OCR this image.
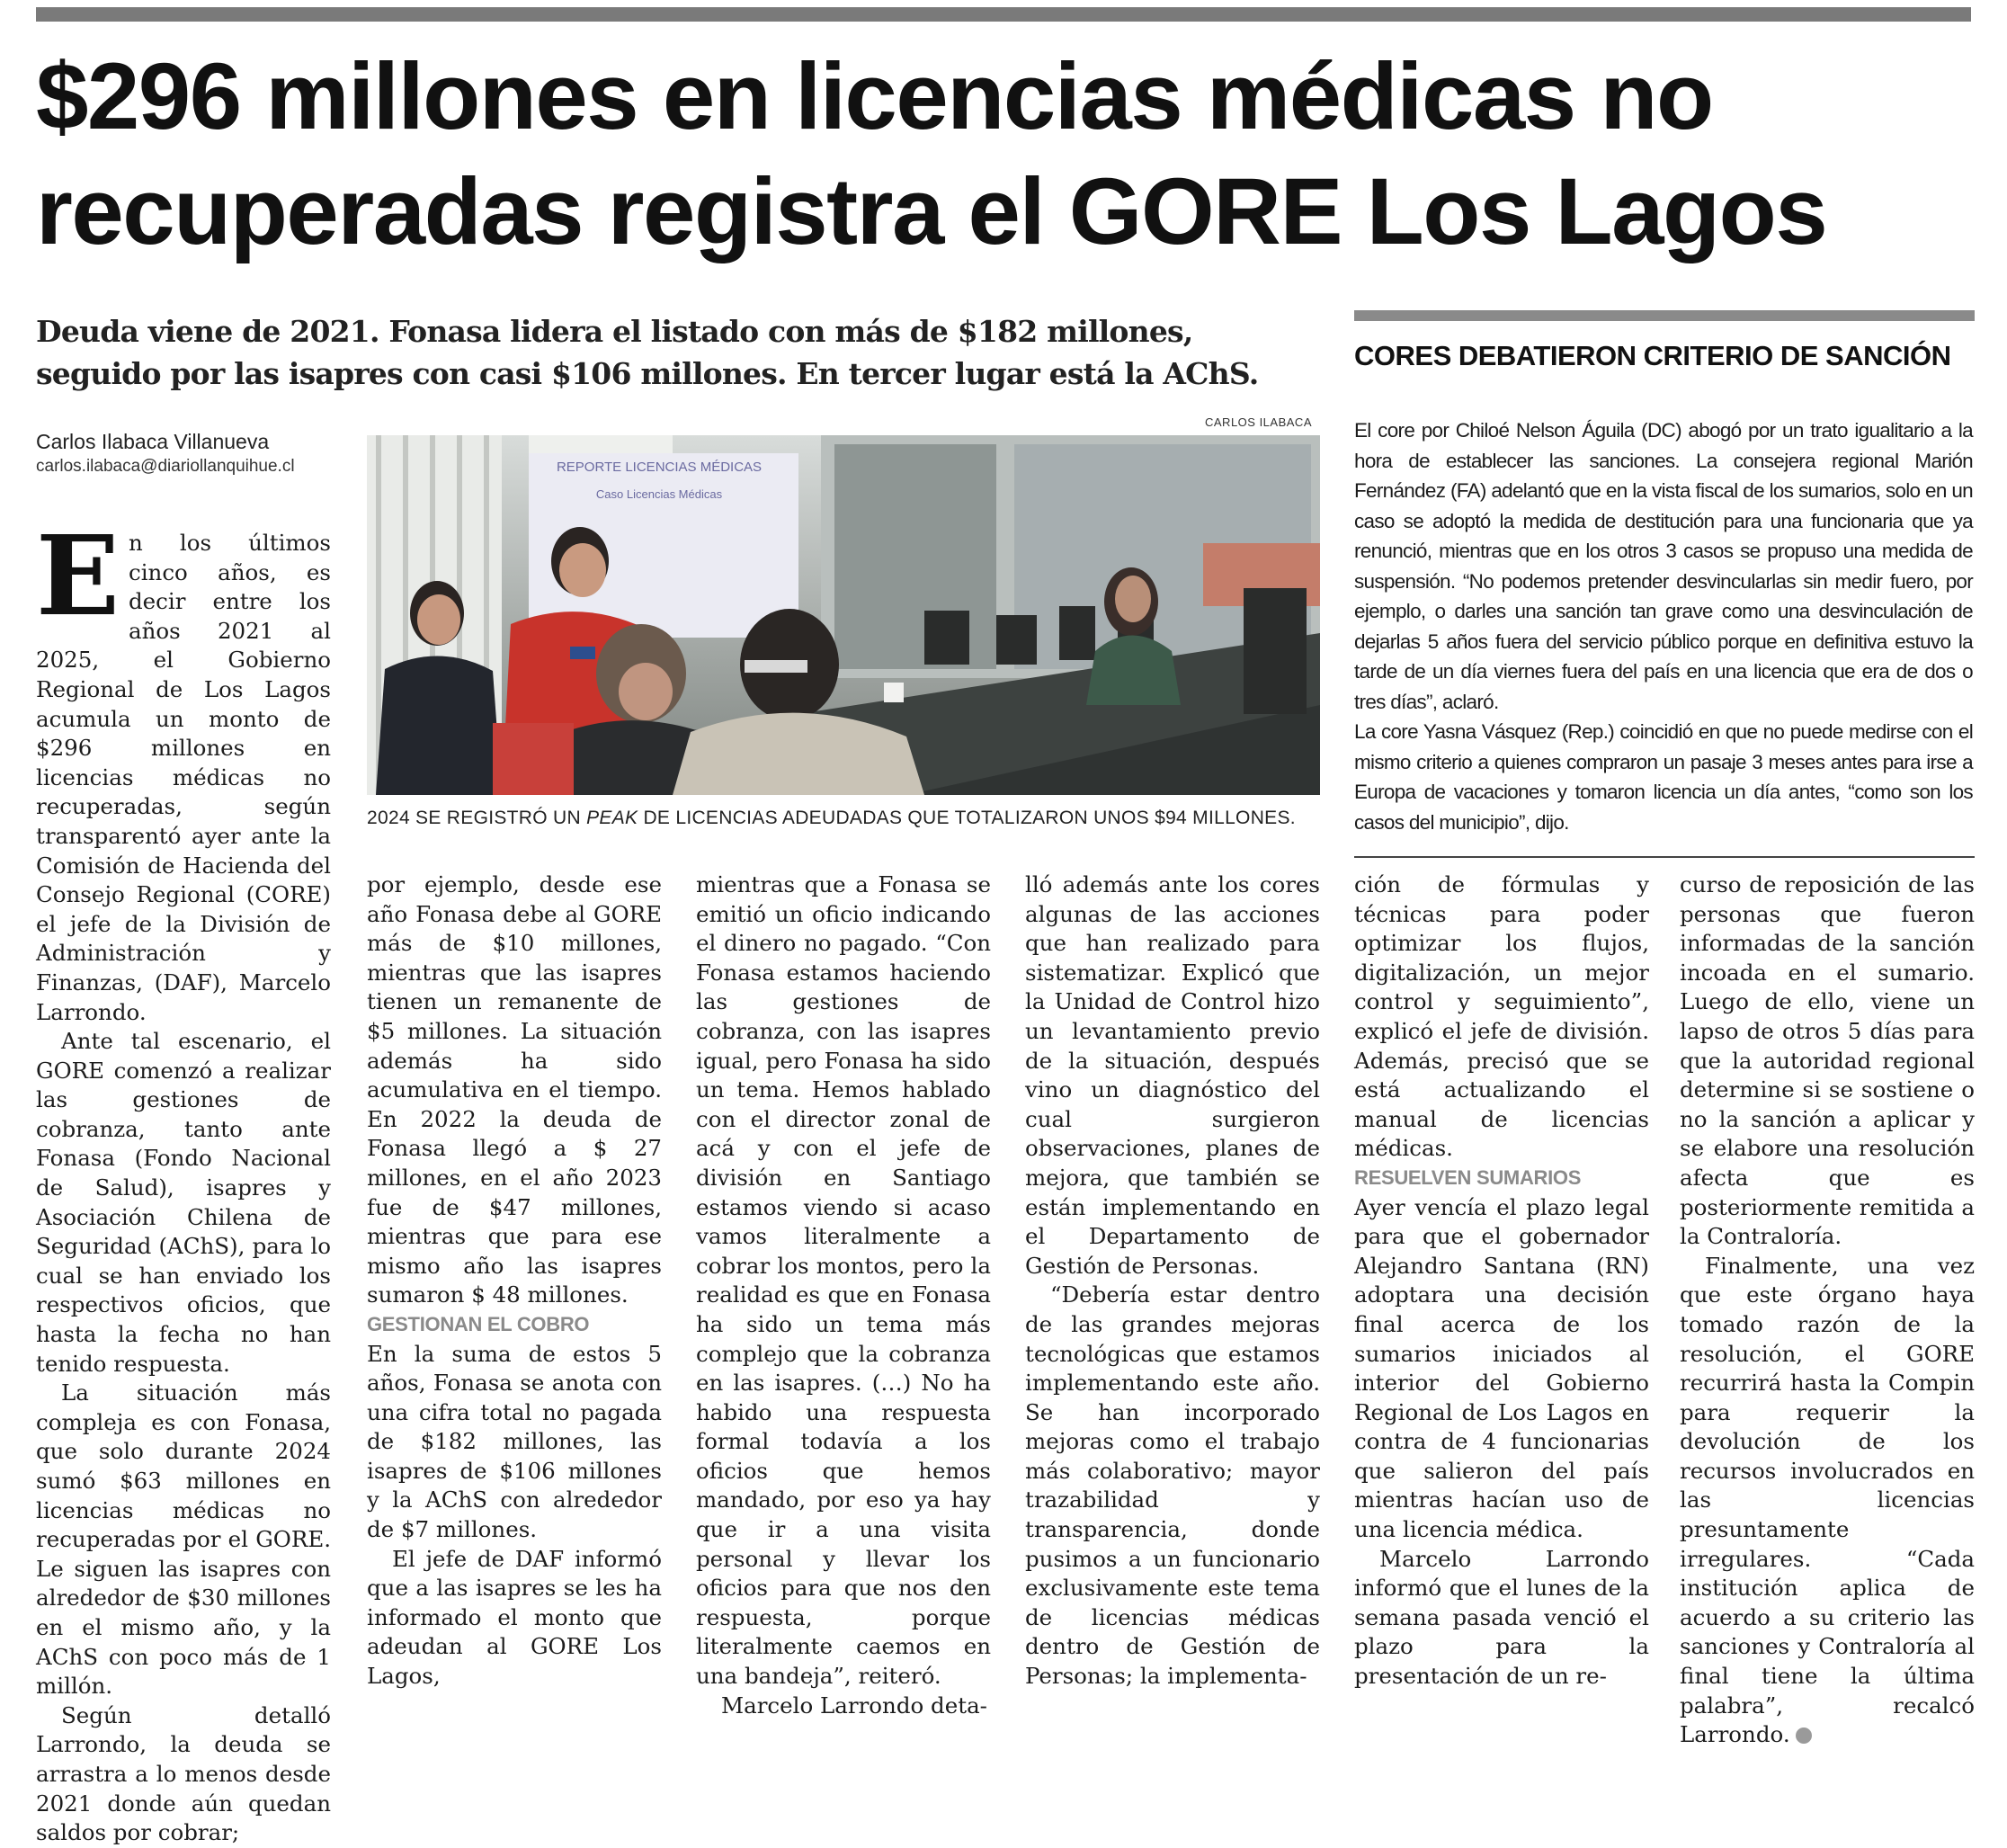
$296 millones en licencias médicas no
recuperadas registra el GORE Los Lagos
Deuda viene de 2021. Fonasa lidera el listado con más de $182 millones,
seguido por las isapres con casi $106 millones. En tercer lugar está la AChS.
Carlos Ilabaca Villanueva
carlos.ilabaca@diariollanquihue.cl
CARLOS ILABACA
REPORTE LICENCIAS MÉDICAS
Caso Licencias Médicas
2024 SE REGISTRÓ UN PEAK DE LICENCIAS ADEUDADAS QUE TOTALIZARON UNOS $94 MILLONES.

En los últimos cinco años, es decir entre los años 2021 al 2025, el Gobierno Regional de Los Lagos acumula un monto de $296 millones en licencias médicas no recuperadas, según transparentó ayer ante la Comisión de Hacienda del Consejo Regional (CORE) el jefe de la División de Administración y Finanzas, (DAF), Marcelo Larrondo.

Ante tal escenario, el GORE comenzó a realizar las gestiones de cobranza, tanto ante Fonasa (Fondo Nacional de Salud), isapres y Asociación Chilena de Seguridad (AChS), para lo cual se han enviado los respectivos oficios, que hasta la fecha no han tenido respuesta.

La situación más compleja es con Fonasa, que solo durante 2024 sumó $63 millones en licencias médicas no recuperadas por el GORE. Le siguen las isapres con alrededor de $30 millones en el mismo año, y la AChS con poco más de 1 millón.

Según detalló Larrondo, la deuda se arrastra a lo menos desde 2021 donde aún quedan saldos por cobrar;

por ejemplo, desde ese año Fonasa debe al GORE más de $10 millones, mientras que las isapres tienen un remanente de $5 millones. La situación además ha sido acumulativa en el tiempo. En 2022 la deuda de Fonasa llegó a $ 27 millones, en el año 2023 fue de $47 millones, mientras que para ese mismo año las isapres sumaron $ 48 millones.

GESTIONAN EL COBRO

En la suma de estos 5 años, Fonasa se anota con una cifra total no pagada de $182 millones, las isapres de $106 millones y la AChS con alrededor de $7 millones.

El jefe de DAF informó que a las isapres se les ha informado el monto que adeudan al GORE Los Lagos,

mientras que a Fonasa se emitió un oficio indicando el dinero no pagado. “Con Fonasa estamos haciendo las gestiones de cobranza, con las isapres igual, pero Fonasa ha sido un tema. Hemos hablado con el director zonal de acá y con el jefe de división en Santiago estamos viendo si acaso vamos literalmente a cobrar los montos, pero la realidad es que en Fonasa ha sido un tema más complejo que la cobranza en las isapres. (…) No ha habido una respuesta formal todavía a los oficios que hemos mandado, por eso ya hay que ir a una visita personal y llevar los oficios para que nos den respuesta, porque literalmente caemos en una bandeja”, reiteró.

Marcelo Larrondo deta-

lló además ante los cores algunas de las acciones que han realizado para sistematizar. Explicó que la Unidad de Control hizo un levantamiento previo de la situación, después vino un diagnóstico del cual surgieron observaciones, planes de mejora, que también se están implementando en el Departamento de Gestión de Personas.

“Debería estar dentro de las grandes mejoras tecnológicas que estamos implementando este año. Se han incorporado mejoras como el trabajo más colaborativo; mayor trazabilidad y transparencia, donde pusimos a un funcionario exclusivamente este tema de licencias médicas dentro de Gestión de Personas; la implementa-

CORES DEBATIERON CRITERIO DE SANCIÓN

El core por Chiloé Nelson Águila (DC) abogó por un trato igualitario a la hora de establecer las sanciones. La consejera regional Marión Fernández (FA) adelantó que en la vista fiscal de los sumarios, solo en un caso se adoptó la medida de destitución para una funcionaria que ya renunció, mientras que en los otros 3 casos se propuso una medida de suspensión. “No podemos pretender desvincularlas sin medir fuero, por ejemplo, o darles una sanción tan grave como una desvinculación de dejarlas 5 años fuera del servicio público porque en definitiva estuvo la tarde de un día viernes fuera del país en una licencia que era de dos o tres días”, aclaró.

La core Yasna Vásquez (Rep.) coincidió en que no puede medirse con el mismo criterio a quienes compraron un pasaje 3 meses antes para irse a Europa de vacaciones y tomaron licencia un día antes, “como son los casos del municipio”, dijo.

ción de fórmulas y técnicas para poder optimizar los flujos, digitalización, un mejor control y seguimiento”, explicó el jefe de división. Además, precisó que se está actualizando el manual de licencias médicas.

RESUELVEN SUMARIOS

Ayer vencía el plazo legal para que el gobernador Alejandro Santana (RN) adoptara una decisión final acerca de los sumarios iniciados al interior del Gobierno Regional de Los Lagos en contra de 4 funcionarias que salieron del país mientras hacían uso de una licencia médica.

Marcelo Larrondo informó que el lunes de la semana pasada venció el plazo para la presentación de un re-

curso de reposición de las personas que fueron informadas de la sanción incoada en el sumario. Luego de ello, viene un lapso de otros 5 días para que la autoridad regional determine si se sostiene o no la sanción a aplicar y se elabore una resolución afecta que es posteriormente remitida a la Contraloría.

Finalmente, una vez que este órgano haya tomado razón de la resolución, el GORE recurrirá hasta la Compin para requerir la devolución de los recursos involucrados en las licencias presuntamente irregulares. “Cada institución aplica de acuerdo a su criterio las sanciones y Contraloría al final tiene la última palabra”, recalcó Larrondo.
